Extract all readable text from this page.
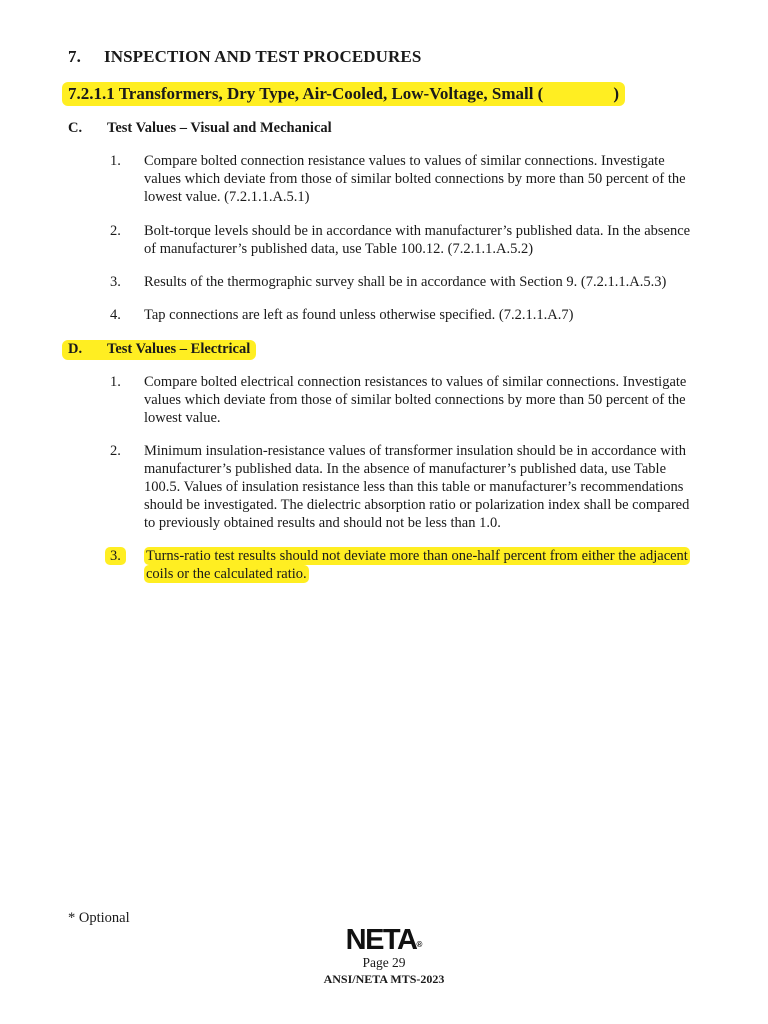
7. INSPECTION AND TEST PROCEDURES
7.2.1.1 Transformers, Dry Type, Air-Cooled, Low-Voltage, Small (	)
C. Test Values – Visual and Mechanical
1. Compare bolted connection resistance values to values of similar connections. Investigate values which deviate from those of similar bolted connections by more than 50 percent of the lowest value. (7.2.1.1.A.5.1)
2. Bolt-torque levels should be in accordance with manufacturer’s published data. In the absence of manufacturer’s published data, use Table 100.12. (7.2.1.1.A.5.2)
3. Results of the thermographic survey shall be in accordance with Section 9. (7.2.1.1.A.5.3)
4. Tap connections are left as found unless otherwise specified. (7.2.1.1.A.7)
D. Test Values – Electrical
1. Compare bolted electrical connection resistances to values of similar connections. Investigate values which deviate from those of similar bolted connections by more than 50 percent of the lowest value.
2. Minimum insulation-resistance values of transformer insulation should be in accordance with manufacturer’s published data. In the absence of manufacturer’s published data, use Table 100.5. Values of insulation resistance less than this table or manufacturer’s recommendations should be investigated. The dielectric absorption ratio or polarization index shall be compared to previously obtained results and should not be less than 1.0.
3.	Turns-ratio test results should not deviate more than one-half percent from either the adjacent coils or the calculated ratio.
* Optional
NETA®
Page 29
ANSI/NETA MTS-2023
